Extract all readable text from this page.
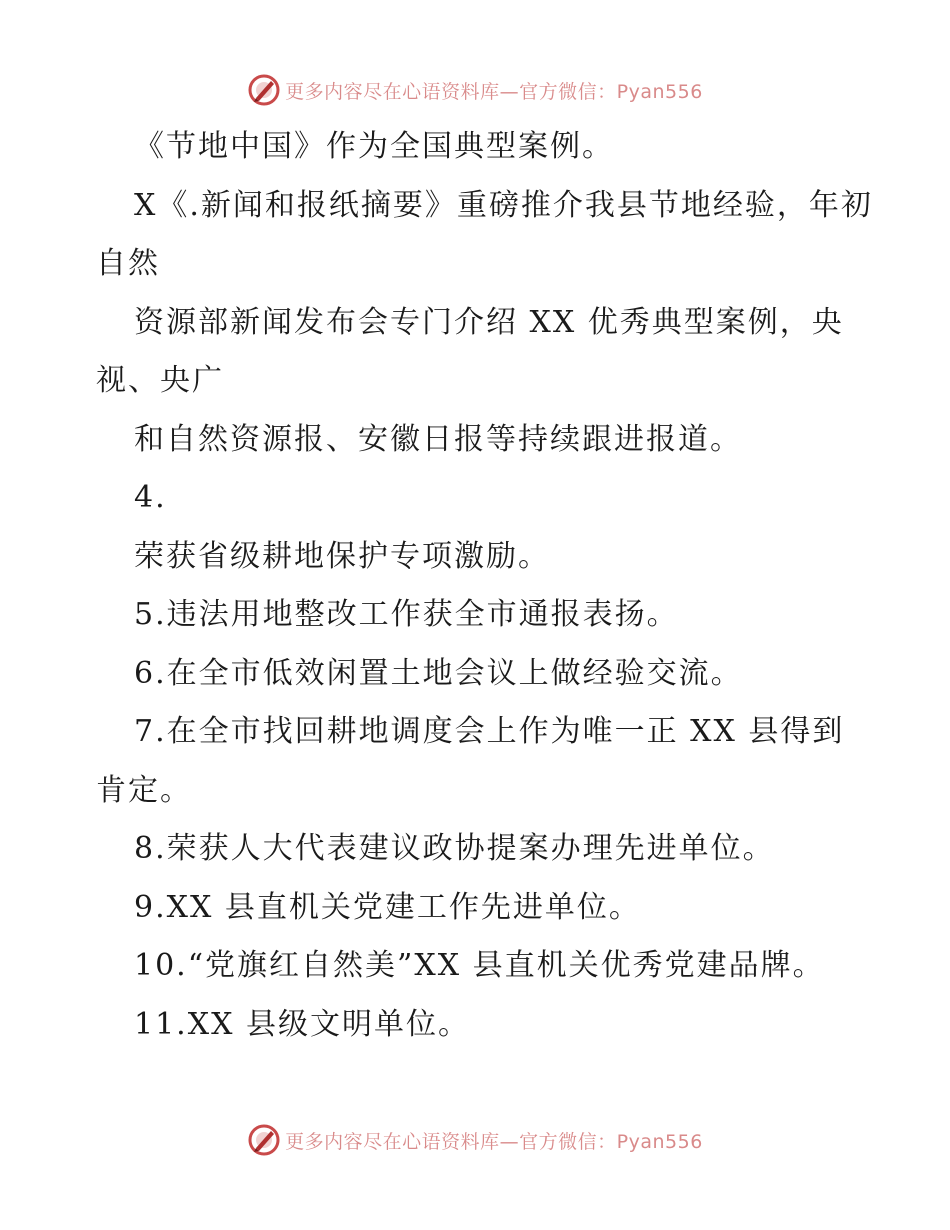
更多内容尽在心语资料库—官方微信：Pyan556

《节地中国》作为全国典型案例。

X《.新闻和报纸摘要》重磅推介我县节地经验，年初自然

资源部新闻发布会专门介绍 XX 优秀典型案例，央视、央广

和自然资源报、安徽日报等持续跟进报道。

4.

荣获省级耕地保护专项激励。

5.违法用地整改工作获全市通报表扬。

6.在全市低效闲置土地会议上做经验交流。

7.在全市找回耕地调度会上作为唯一正 XX 县得到肯定。

8.荣获人大代表建议政协提案办理先进单位。

9.XX 县直机关党建工作先进单位。

10.“党旗红自然美”XX 县直机关优秀党建品牌。

11.XX 县级文明单位。

更多内容尽在心语资料库—官方微信：Pyan556
